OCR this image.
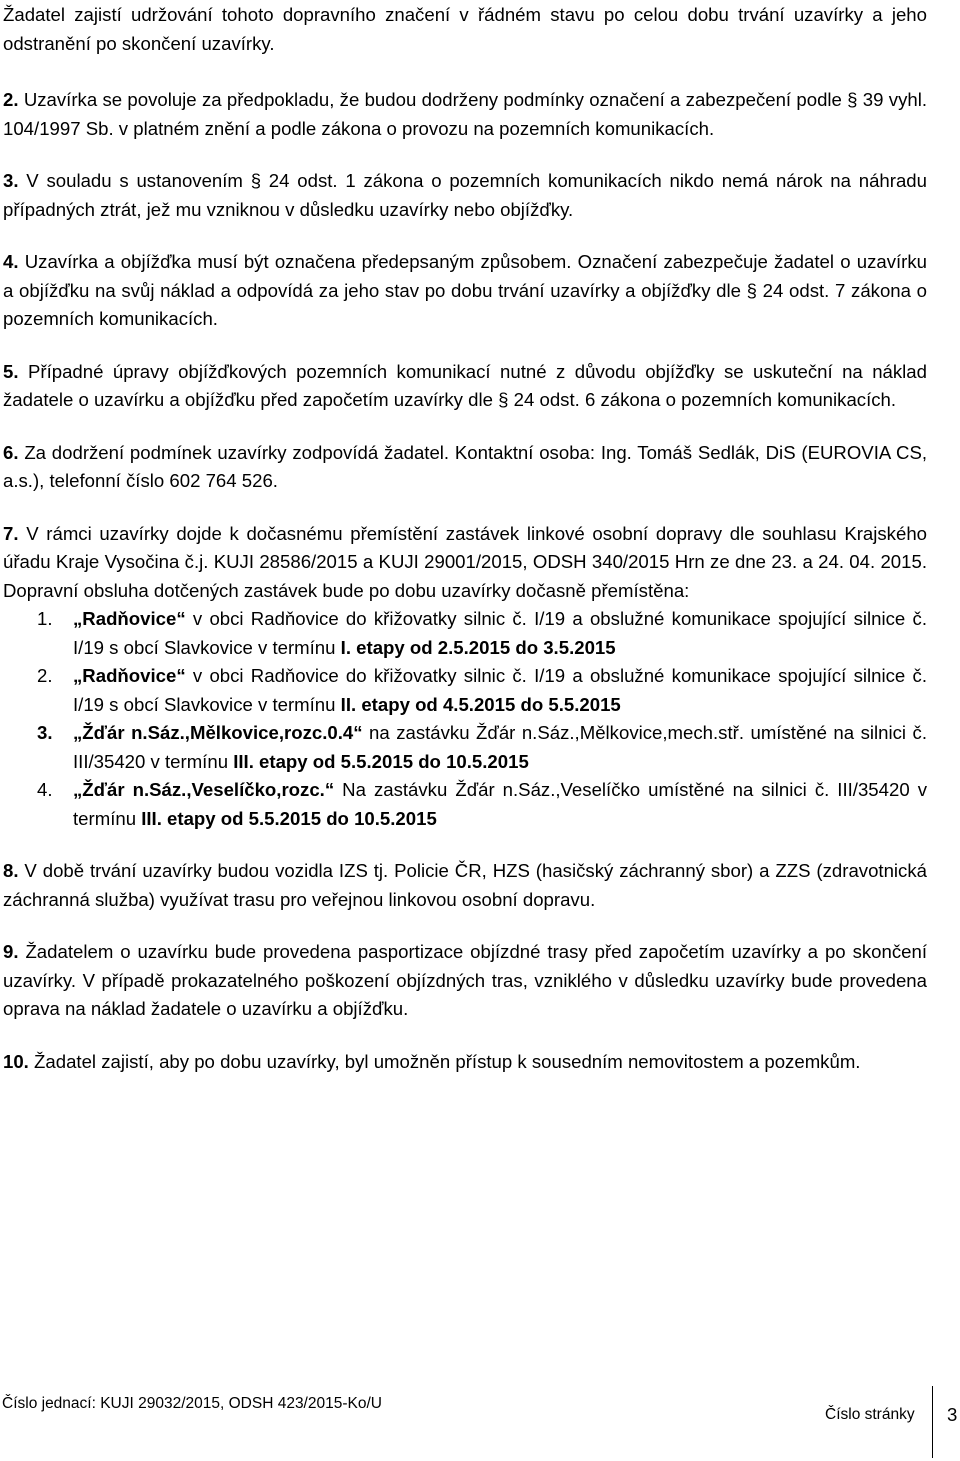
Žadatel zajistí udržování tohoto dopravního značení v řádném stavu po celou dobu trvání uzavírky a jeho odstranění po skončení uzavírky.

2. Uzavírka se povoluje za předpokladu, že budou dodrženy podmínky označení a zabezpečení podle § 39 vyhl. 104/1997 Sb. v platném znění a podle zákona o provozu na pozemních komunikacích.

3. V souladu s ustanovením § 24 odst. 1 zákona o pozemních komunikacích nikdo nemá nárok na náhradu případných ztrát, jež mu vzniknou v důsledku uzavírky nebo objížďky.

4. Uzavírka a objížďka musí být označena předepsaným způsobem. Označení zabezpečuje žadatel o uzavírku a objížďku na svůj náklad a odpovídá za jeho stav po dobu trvání uzavírky a objížďky dle § 24 odst. 7 zákona o pozemních komunikacích.

5. Případné úpravy objížďkových pozemních komunikací nutné z důvodu objížďky se uskuteční na náklad žadatele o uzavírku a objížďku před započetím uzavírky dle § 24 odst. 6 zákona o pozemních komunikacích.

6. Za dodržení podmínek uzavírky zodpovídá žadatel. Kontaktní osoba: Ing. Tomáš Sedlák, DiS (EUROVIA CS, a.s.), telefonní číslo 602 764 526.

7. V rámci uzavírky dojde k dočasnému přemístění zastávek linkové osobní dopravy dle souhlasu Krajského úřadu Kraje Vysočina č.j. KUJI 28586/2015 a KUJI 29001/2015, ODSH 340/2015 Hrn ze dne 23. a 24. 04. 2015. Dopravní obsluha dotčených zastávek bude po dobu uzavírky dočasně přemístěna:

1. „Radňovice“ v obci Radňovice do křižovatky silnic č. I/19 a obslužné komunikace spojující silnice č. I/19 s obcí Slavkovice v termínu I. etapy od 2.5.2015 do 3.5.2015
2. „Radňovice“ v obci Radňovice do křižovatky silnic č. I/19 a obslužné komunikace spojující silnice č. I/19 s obcí Slavkovice v termínu II. etapy od 4.5.2015 do 5.5.2015
3. „Žďár n.Sáz.,Mělkovice,rozc.0.4“ na zastávku Žďár n.Sáz.,Mělkovice,mech.stř. umístěné na silnici č. III/35420 v termínu III. etapy od 5.5.2015 do 10.5.2015
4. „Žďár n.Sáz.,Veselíčko,rozc.“ Na zastávku Žďár n.Sáz.,Veselíčko umístěné na silnici č. III/35420 v termínu III. etapy od 5.5.2015 do 10.5.2015

8. V době trvání uzavírky budou vozidla IZS tj. Policie ČR, HZS (hasičský záchranný sbor) a ZZS (zdravotnická záchranná služba) využívat trasu pro veřejnou linkovou osobní dopravu.

9. Žadatelem o uzavírku bude provedena pasportizace objízdné trasy před započetím uzavírky a po skončení uzavírky. V případě prokazatelného poškození objízdných tras, vzniklého v důsledku uzavírky bude provedena oprava na náklad žadatele o uzavírku a objížďku.

10. Žadatel zajistí, aby po dobu uzavírky, byl umožněn přístup k sousedním nemovitostem a pozemkům.

Číslo jednací: KUJI 29032/2015, ODSH 423/2015-Ko/U
Číslo stránky 3
